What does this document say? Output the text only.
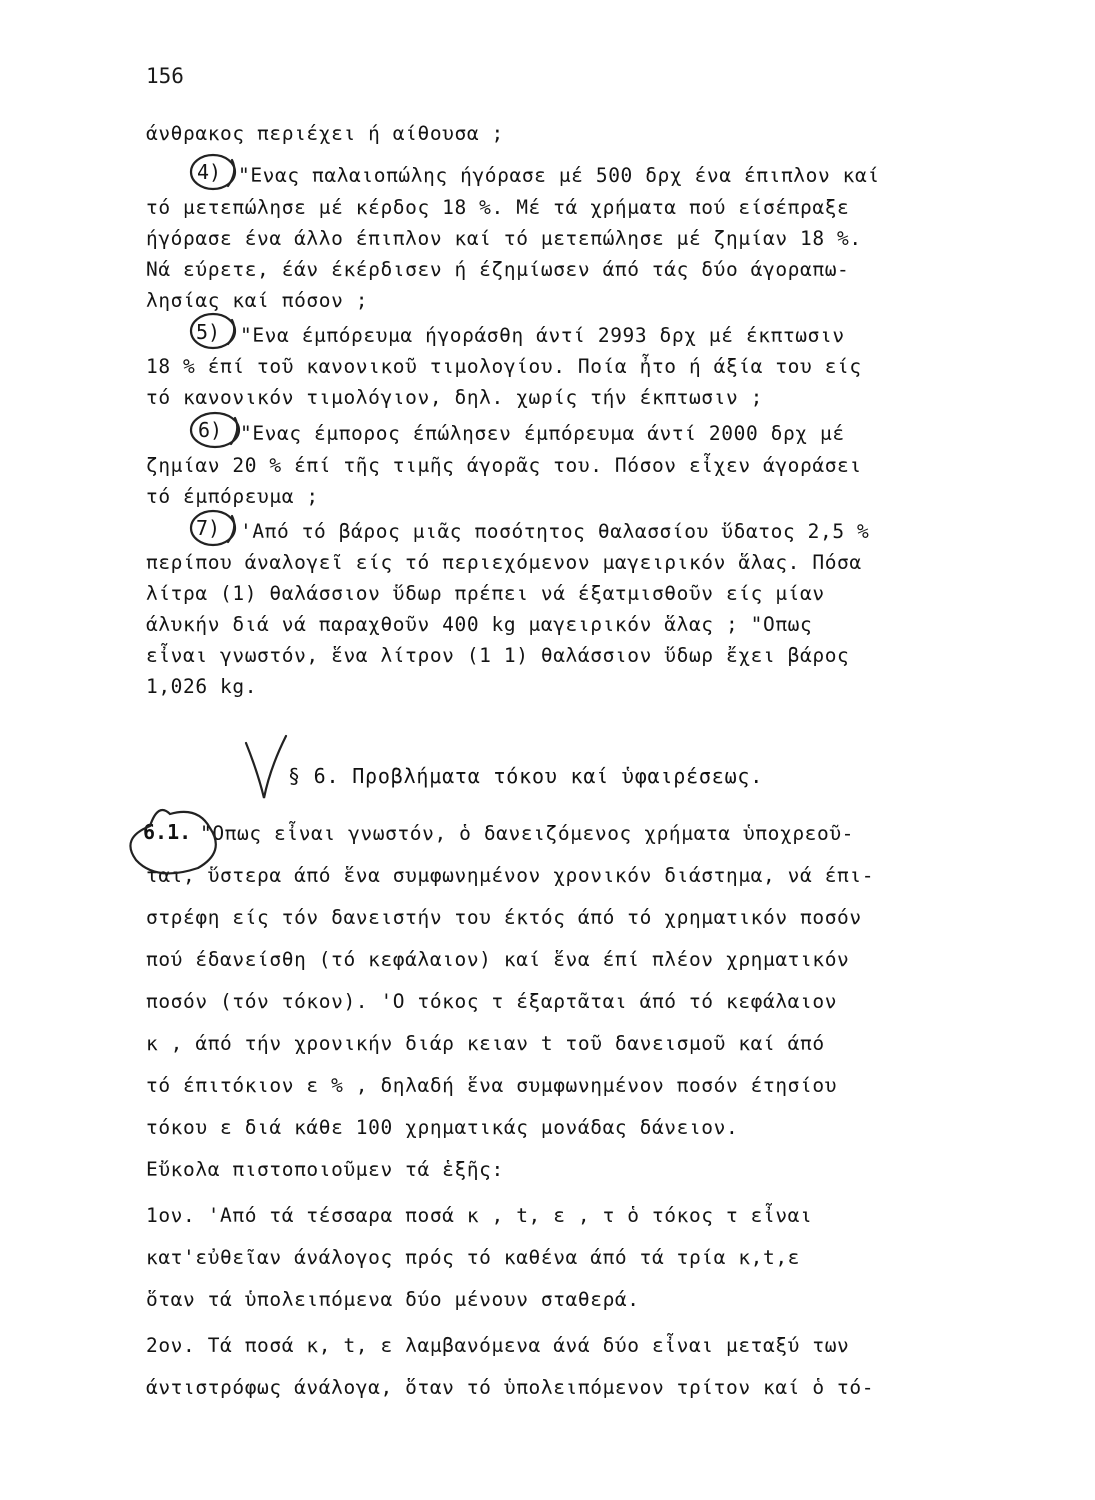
156
άνθρακος περιέχει ή αίθουσα ;
4) "Ενας παλαιοπώλης ήγόρασε μέ 500 δρχ ένα έπιπλον καί
τό μετεπώλησε μέ κέρδος 18 %. Μέ τά χρήματα πού είσέπραξε
ήγόρασε ένα άλλο έπιπλον καί τό μετεπώλησε μέ ζημίαν 18 %.
Νά εύρετε, έάν έκέρδισεν ή έζημίωσεν άπό τάς δύο άγοραπω-
λησίας καί πόσον ;
5) "Ενα έμπόρευμα ήγοράσθη άντί 2993 δρχ μέ έκπτωσιν
18 % έπί τοῦ κανονικοῦ τιμολογίου. Ποία ἦτο ή άξία του είς
τό κανονικόν τιμολόγιον, δηλ. χωρίς τήν έκπτωσιν ;
6) "Ενας έμπορος έπώλησεν έμπόρευμα άντί 2000 δρχ μέ
ζημίαν 20 % έπί τῆς τιμῆς άγορᾶς του. Πόσον εἶχεν άγοράσει
τό έμπόρευμα ;
7) 'Από τό βάρος μιᾶς ποσότητος θαλασσίου ὕδατος 2,5 %
περίπου άναλογεῖ είς τό περιεχόμενον μαγειρικόν ἅλας. Πόσα
λίτρα (1) θαλάσσιον ὕδωρ πρέπει νά έξατμισθοῦν είς μίαν
άλυκήν διά νά παραχθοῦν 400 kg μαγειρικόν ἅλας ; "Οπως
εἶναι γνωστόν, ἕνα λίτρον (1 1) θαλάσσιον ὕδωρ ἔχει βάρος
1,026 kg.
§ 6. Προβλήματα τόκου καί ὑφαιρέσεως.
6.1. "Οπως εἶναι γνωστόν, ὁ δανειζόμενος χρήματα ὑποχρεοῦ-
ται, ὕστερα άπό ἕνα συμφωνημένον χρονικόν διάστημα, νά έπι-
στρέφη είς τόν δανειστήν του έκτός άπό τό χρηματικόν ποσόν
πού έδανείσθη (τό κεφάλαιον) καί ἕνα έπί πλέον χρηματικόν
ποσόν (τόν τόκον). 'Ο τόκος τ έξαρτᾶται άπό τό κεφάλαιον
κ , άπό τήν χρονικήν διάρ κειαν t τοῦ δανεισμοῦ καί άπό
τό έπιτόκιον ε % , δηλαδή ἕνα συμφωνημένον ποσόν έτησίου
τόκου ε διά κάθε 100 χρηματικάς μονάδας δάνειον.
Εὔκολα πιστοποιοῦμεν τά ἑξῆς:
1ον. 'Από τά τέσσαρα ποσά κ , t, ε , τ ὁ τόκος τ εἶναι
κατ'εὐθεῖαν άνάλογος πρός τό καθένα άπό τά τρία κ,t,ε
ὅταν τά ὑπολειπόμενα δύο μένουν σταθερά.
2ον. Τά ποσά κ, t, ε λαμβανόμενα άνά δύο εἶναι μεταξύ των
άντιστρόφως άνάλογα, ὅταν τό ὑπολειπόμενον τρίτον καί ὁ τό-
